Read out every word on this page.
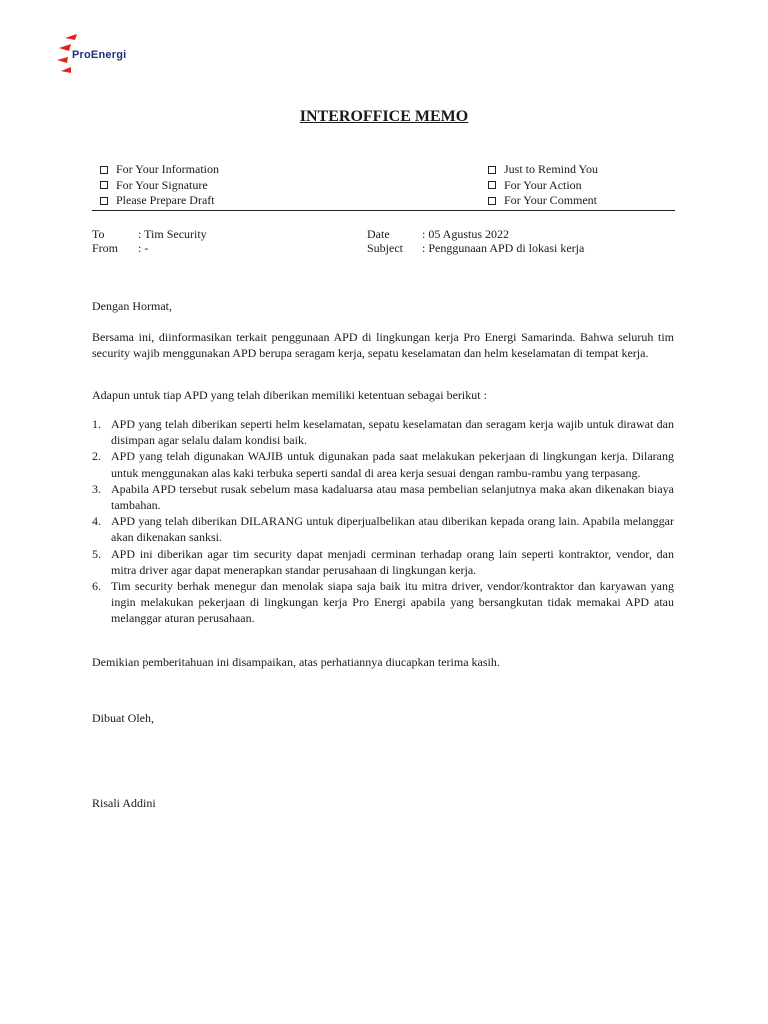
ProEnergi
INTEROFFICE MEMO
For Your Information
For Your Signature
Please Prepare Draft
Just to Remind You
For Your Action
For Your Comment
To	: Tim Security
From : -
Date	: 05 Agustus 2022
Subject : Penggunaan APD di lokasi kerja
Dengan Hormat,
Bersama ini, diinformasikan terkait penggunaan APD di lingkungan kerja Pro Energi Samarinda. Bahwa seluruh tim security wajib menggunakan APD berupa seragam kerja, sepatu keselamatan dan helm keselamatan di tempat kerja.
Adapun untuk tiap APD yang telah diberikan memiliki ketentuan sebagai berikut :
1. APD yang telah diberikan seperti helm keselamatan, sepatu keselamatan dan seragam kerja wajib untuk dirawat dan disimpan agar selalu dalam kondisi baik.
2. APD yang telah digunakan WAJIB untuk digunakan pada saat melakukan pekerjaan di lingkungan kerja. Dilarang untuk menggunakan alas kaki terbuka seperti sandal di area kerja sesuai dengan rambu-rambu yang terpasang.
3. Apabila APD tersebut rusak sebelum masa kadaluarsa atau masa pembelian selanjutnya maka akan dikenakan biaya tambahan.
4. APD yang telah diberikan DILARANG untuk diperjualbelikan atau diberikan kepada orang lain. Apabila melanggar akan dikenakan sanksi.
5. APD ini diberikan agar tim security dapat menjadi cerminan terhadap orang lain seperti kontraktor, vendor, dan mitra driver agar dapat menerapkan standar perusahaan di lingkungan kerja.
6. Tim security berhak menegur dan menolak siapa saja baik itu mitra driver, vendor/kontraktor dan karyawan yang ingin melakukan pekerjaan di lingkungan kerja Pro Energi apabila yang bersangkutan tidak memakai APD atau melanggar aturan perusahaan.
Demikian pemberitahuan ini disampaikan, atas perhatiannya diucapkan terima kasih.
Dibuat Oleh,
Risali Addini
